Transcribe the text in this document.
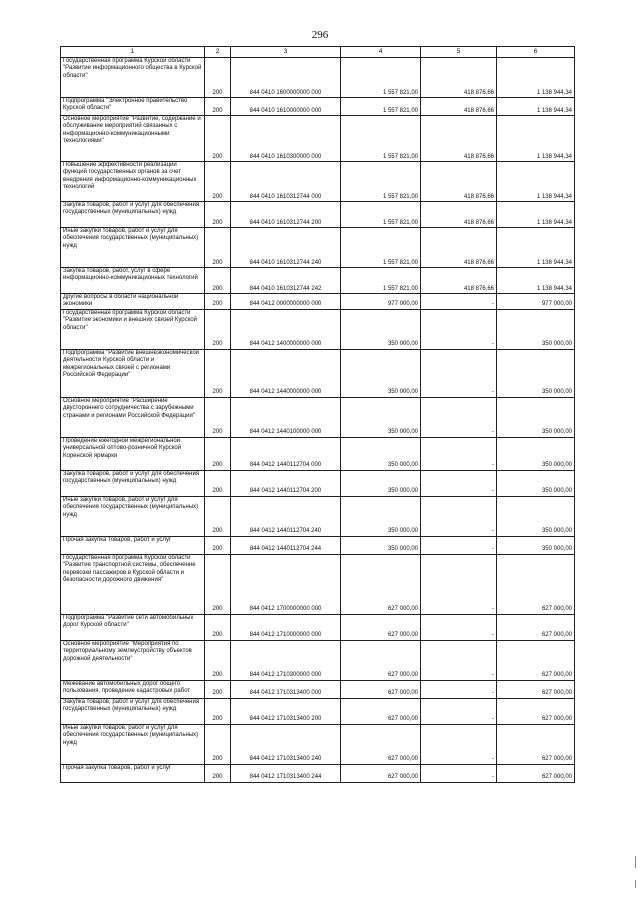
296
1	2	3	4	5	6
Государственная программа Курской области "Развитие информационного общества в Курской области"	200	844 0410 1600000000 000	1 557 821,00	418 876,66	1 138 944,34
Подпрограмма "Электронное правительство Курской области"	200	844 0410 1610000000 000	1 557 821,00	418 876,66	1 138 944,34
Основное мероприятие "Развитие, содержание и обслуживание мероприятий связанных с информационно-коммуникационными технологиями"	200	844 0410 1610300000 000	1 557 821,00	418 876,66	1 138 944,34
Повышение эффективности реализации функций государственных органов за счет внедрения информационно-коммуникационных технологий	200	844 0410 1610312744 000	1 557 821,00	418 876,66	1 138 944,34
Закупка товаров, работ и услуг для обеспечения государственных (муниципальных) нужд	200	844 0410 1610312744 200	1 557 821,00	418 876,66	1 138 944,34
Иные закупки товаров, работ и услуг для обеспечения государственных (муниципальных) нужд	200	844 0410 1610312744 240	1 557 821,00	418 876,66	1 138 944,34
Закупка товаров, работ, услуг в сфере информационно-коммуникационных технологий	200	844 0410 1610312744 242	1 557 821,00	418 876,66	1 138 944,34
Другие вопросы в области национальной экономики	200	844 0412 0000000000 000	977 000,00	-	977 000,00
Государственная программа Курской области "Развитие экономики и внешних связей Курской области"	200	844 0412 1400000000 000	350 000,00	-	350 000,00
Подпрограмма "Развитие внешнеэкономической деятельности Курской области и межрегиональных связей с регионами Российской Федерации"	200	844 0412 1440000000 000	350 000,00	-	350 000,00
Основное мероприятие "Расширение двустороннего сотрудничества с зарубежными странами и регионами Российской Федерации"	200	844 0412 1440100000 000	350 000,00	-	350 000,00
Проведение ежегодной межрегиональной универсальной оптово-розничной Курской Коренской ярмарки	200	844 0412 1440112704 000	350 000,00	-	350 000,00
Закупка товаров, работ и услуг для обеспечения государственных (муниципальных) нужд	200	844 0412 1440112704 200	350 000,00	-	350 000,00
Иные закупки товаров, работ и услуг для обеспечения государственных (муниципальных) нужд	200	844 0412 1440112704 240	350 000,00	-	350 000,00
Прочая закупка товаров, работ и услуг	200	844 0412 1440112704 244	350 000,00	-	350 000,00
Государственная программа Курской области "Развитие транспортной системы, обеспечение перевозки пассажиров в Курской области и безопасности дорожного движения"	200	844 0412 1700000000 000	627 000,00	-	627 000,00
Подпрограмма "Развитие сети автомобильных дорог Курской области"	200	844 0412 1710000000 000	627 000,00	-	627 000,00
Основное мероприятие "Мероприятия по территориальному землеустройству объектов дорожной деятельности"	200	844 0412 1710300000 000	627 000,00	-	627 000,00
Межевание автомобильных дорог общего пользования, проведение кадастровых работ	200	844 0412 1710313400 000	627 000,00	-	627 000,00
Закупка товаров, работ и услуг для обеспечения государственных (муниципальных) нужд	200	844 0412 1710313400 200	627 000,00	-	627 000,00
Иные закупки товаров, работ и услуг для обеспечения государственных (муниципальных) нужд	200	844 0412 1710313400 240	627 000,00	-	627 000,00
Прочая закупка товаров, работ и услуг	200	844 0412 1710313400 244	627 000,00	-	627 000,00
